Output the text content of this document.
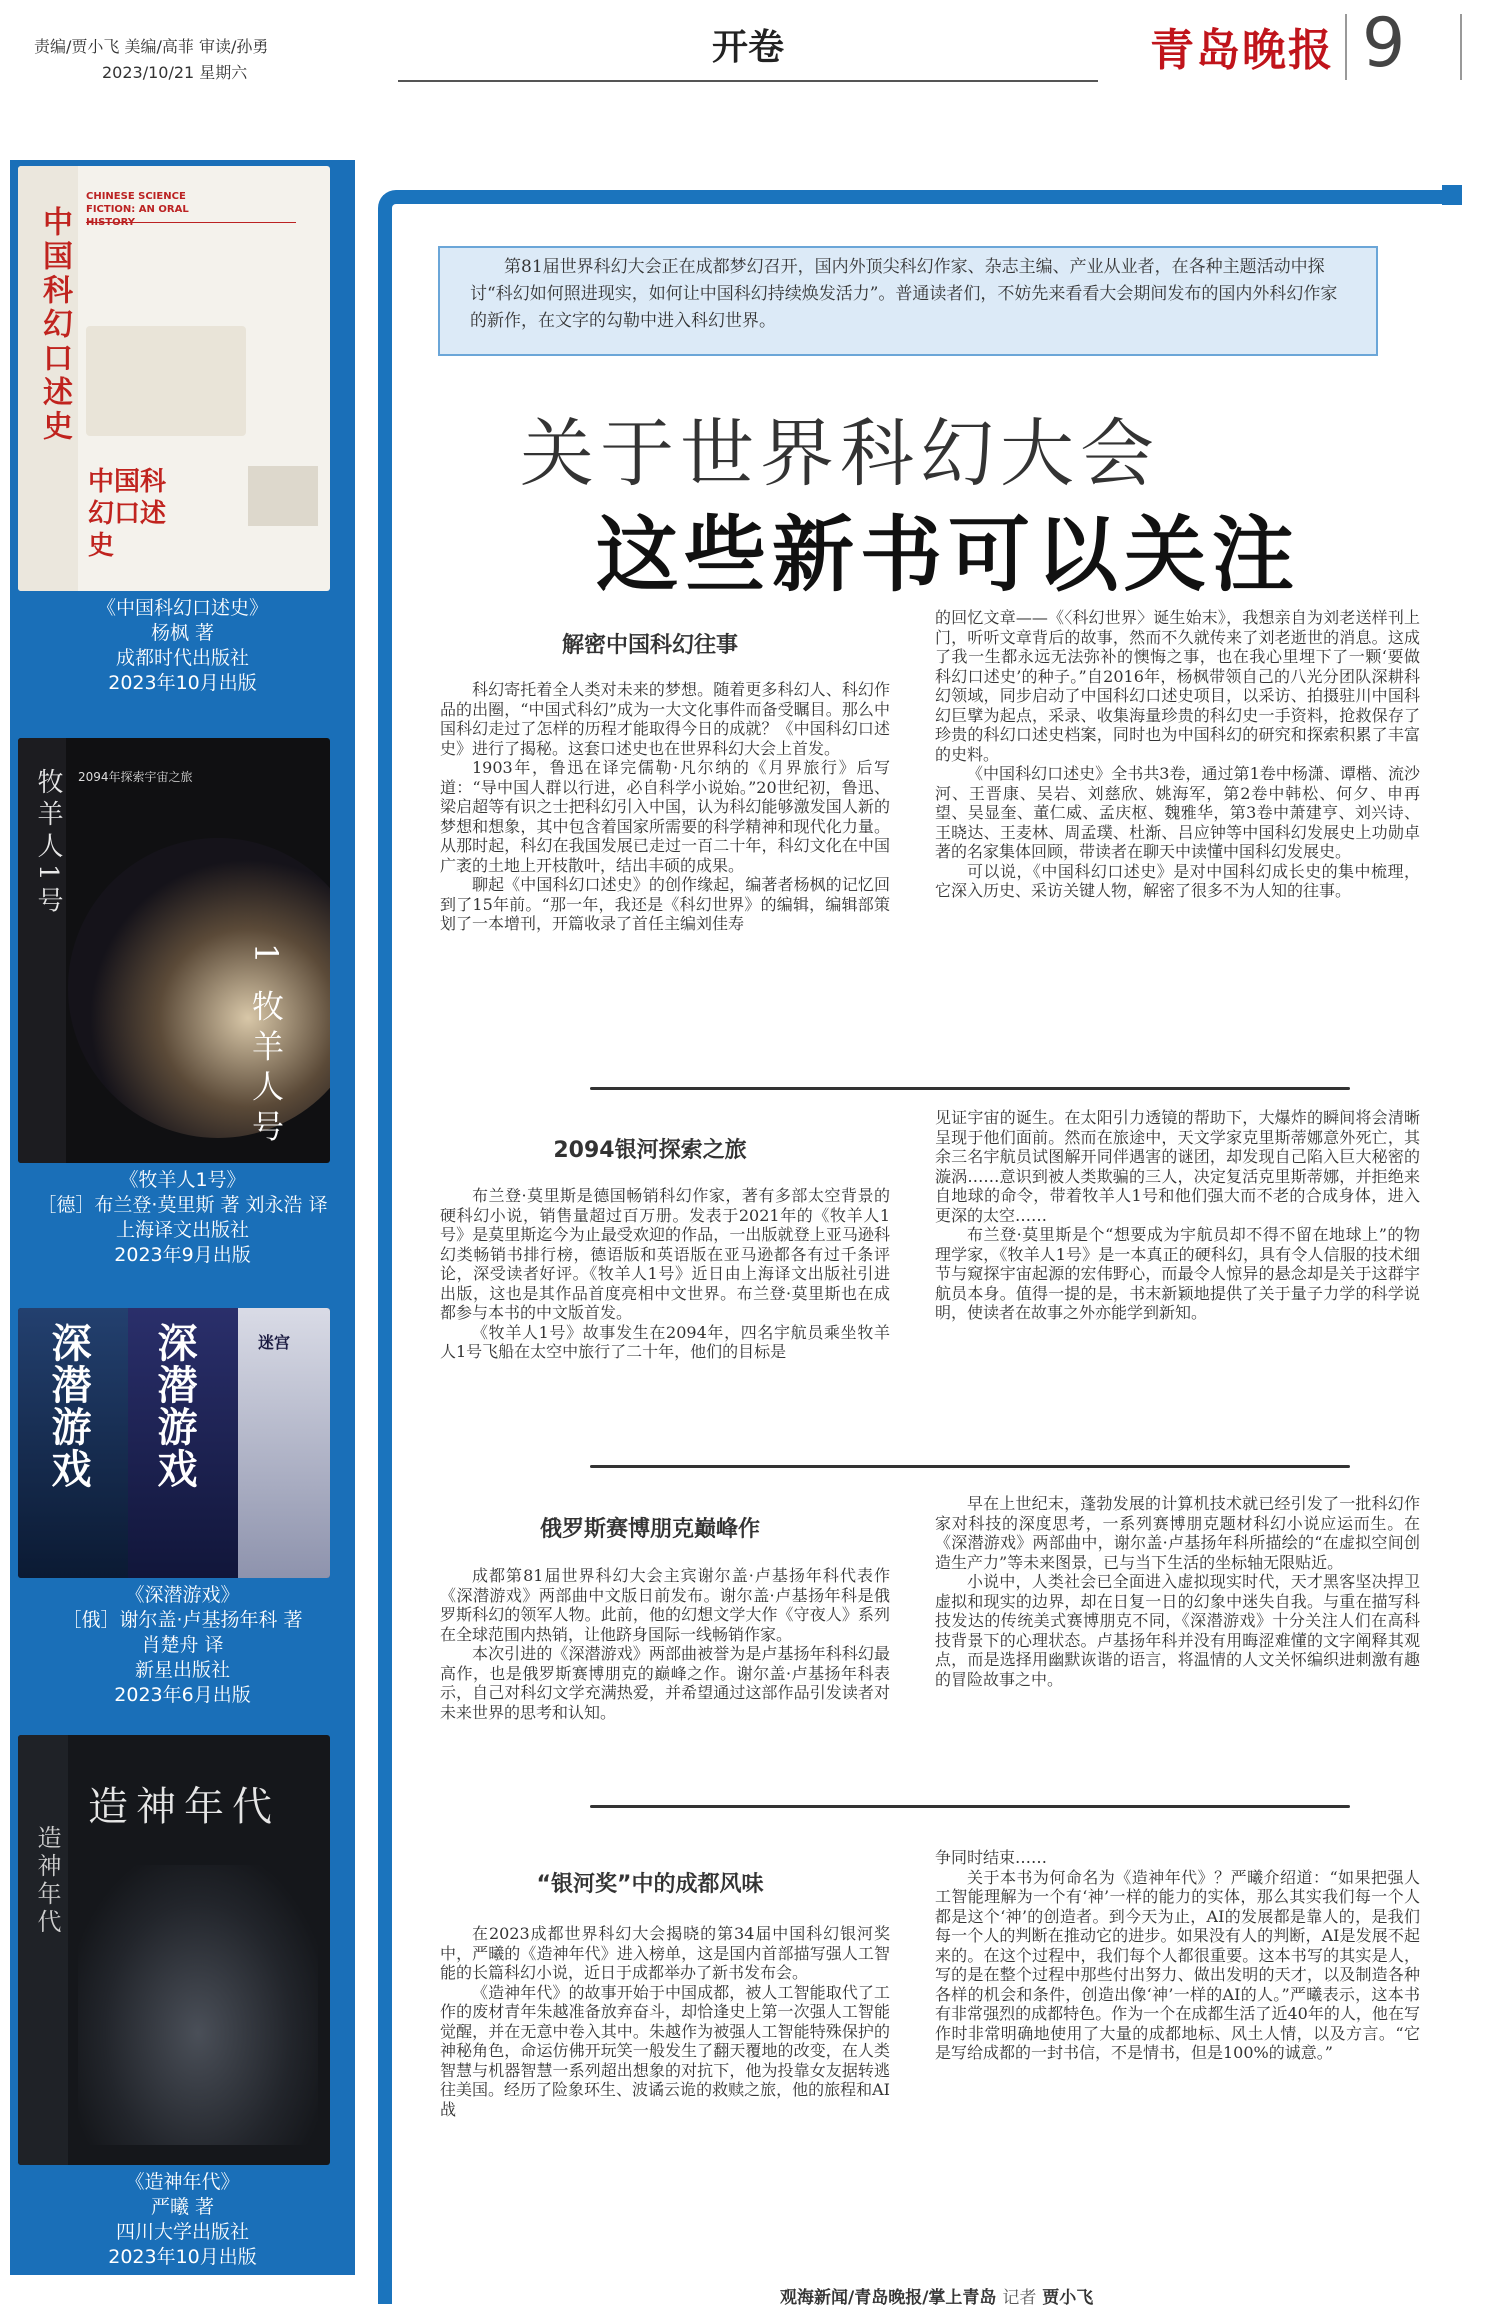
责编/贾小飞 美编/高菲 审读/孙勇
2023/10/21 星期六
开卷	青岛晚报 9
中国科幻口述史
CHINESE SCIENCE FICTION: AN ORAL
中国科幻口述史
《中国科幻口述史》
杨枫 著
成都时代出版社
2023年10月出版
牧羊人1号	2094年探索宇宙之旅
1 牧羊人号
《牧羊人1号》
［德］布兰登·莫里斯 著 刘永浩 译
上海译文出版社
2023年9月出版
深潜游戏 深潜游戏	迷宫
《深潜游戏》
［俄］谢尔盖·卢基扬年科 著
肖楚舟 译
新星出版社
2023年6月出版
造神年代
造神年代
《造神年代》
严曦 著
四川大学出版社
2023年10月出版
第81届世界科幻大会正在成都梦幻召开，国内外顶尖科幻作家、杂志主编、产业从业者，在各种主题活动中探讨“科幻如何照进现实，如何让中国科幻持续焕发活力”。普通读者们，不妨先来看看大会期间发布的国内外科幻作家的新作，在文字的勾勒中进入科幻世界。
关于世界科幻大会
这些新书可以关注
解密中国科幻往事

科幻寄托着全人类对未来的梦想。随着更多科幻人、科幻作品的出圈，“中国式科幻”成为一大文化事件而备受瞩目。那么中国科幻走过了怎样的历程才能取得今日的成就？《中国科幻口述史》进行了揭秘。这套口述史也在世界科幻大会上首发。

1903年，鲁迅在译完儒勒·凡尔纳的《月界旅行》后写道：“导中国人群以行进，必自科学小说始。”20世纪初，鲁迅、梁启超等有识之士把科幻引入中国，认为科幻能够激发国人新的梦想和想象，其中包含着国家所需要的科学精神和现代化力量。从那时起，科幻在我国发展已走过一百二十年，科幻文化在中国广袤的土地上开枝散叶，结出丰硕的成果。

聊起《中国科幻口述史》的创作缘起，编著者杨枫的记忆回到了15年前。“那一年，我还是《科幻世界》的编辑，编辑部策划了一本增刊，开篇收录了首任主编刘佳寿

的回忆文章——《〈科幻世界〉诞生始末》，我想亲自为刘老送样刊上门，听听文章背后的故事，然而不久就传来了刘老逝世的消息。这成了我一生都永远无法弥补的懊悔之事，也在我心里埋下了一颗‘要做科幻口述史’的种子。”自2016年，杨枫带领自己的八光分团队深耕科幻领域，同步启动了中国科幻口述史项目，以采访、拍摄驻川中国科幻巨擘为起点，采录、收集海量珍贵的科幻史一手资料，抢救保存了珍贵的科幻口述史档案，同时也为中国科幻的研究和探索积累了丰富的史料。

《中国科幻口述史》全书共3卷，通过第1卷中杨潇、谭楷、流沙河、王晋康、吴岩、刘慈欣、姚海军，第2卷中韩松、何夕、申再望、吴显奎、董仁威、孟庆枢、魏雅华，第3卷中萧建亨、刘兴诗、王晓达、王麦林、周孟璞、杜渐、吕应钟等中国科幻发展史上功勋卓著的名家集体回顾，带读者在聊天中读懂中国科幻发展史。

可以说，《中国科幻口述史》是对中国科幻成长史的集中梳理，它深入历史、采访关键人物，解密了很多不为人知的往事。

2094银河探索之旅

布兰登·莫里斯是德国畅销科幻作家，著有多部太空背景的硬科幻小说，销售量超过百万册。发表于2021年的《牧羊人1号》是莫里斯迄今为止最受欢迎的作品，一出版就登上亚马逊科幻类畅销书排行榜，德语版和英语版在亚马逊都各有过千条评论，深受读者好评。《牧羊人1号》近日由上海译文出版社引进出版，这也是其作品首度亮相中文世界。布兰登·莫里斯也在成都参与本书的中文版首发。

《牧羊人1号》故事发生在2094年，四名宇航员乘坐牧羊人1号飞船在太空中旅行了二十年，他们的目标是

见证宇宙的诞生。在太阳引力透镜的帮助下，大爆炸的瞬间将会清晰呈现于他们面前。然而在旅途中，天文学家克里斯蒂娜意外死亡，其余三名宇航员试图解开同伴遇害的谜团，却发现自己陷入巨大秘密的漩涡……意识到被人类欺骗的三人，决定复活克里斯蒂娜，并拒绝来自地球的命令，带着牧羊人1号和他们强大而不老的合成身体，进入更深的太空……

布兰登·莫里斯是个“想要成为宇航员却不得不留在地球上”的物理学家，《牧羊人1号》是一本真正的硬科幻，具有令人信服的技术细节与窥探宇宙起源的宏伟野心，而最令人惊异的悬念却是关于这群宇航员本身。值得一提的是，书末新颖地提供了关于量子力学的科学说明，使读者在故事之外亦能学到新知。

俄罗斯赛博朋克巅峰作

成都第81届世界科幻大会主宾谢尔盖·卢基扬年科代表作《深潜游戏》两部曲中文版日前发布。谢尔盖·卢基扬年科是俄罗斯科幻的领军人物。此前，他的幻想文学大作《守夜人》系列在全球范围内热销，让他跻身国际一线畅销作家。

本次引进的《深潜游戏》两部曲被誉为是卢基扬年科科幻最高作，也是俄罗斯赛博朋克的巅峰之作。谢尔盖·卢基扬年科表示，自己对科幻文学充满热爱，并希望通过这部作品引发读者对未来世界的思考和认知。

早在上世纪末，蓬勃发展的计算机技术就已经引发了一批科幻作家对科技的深度思考，一系列赛博朋克题材科幻小说应运而生。在《深潜游戏》两部曲中，谢尔盖·卢基扬年科所描绘的“在虚拟空间创造生产力”等未来图景，已与当下生活的坐标轴无限贴近。

小说中，人类社会已全面进入虚拟现实时代，天才黑客坚决捍卫虚拟和现实的边界，却在日复一日的幻象中迷失自我。与重在描写科技发达的传统美式赛博朋克不同，《深潜游戏》十分关注人们在高科技背景下的心理状态。卢基扬年科并没有用晦涩难懂的文字阐释其观点，而是选择用幽默诙谐的语言，将温情的人文关怀编织进刺激有趣的冒险故事之中。

“银河奖”中的成都风味

在2023成都世界科幻大会揭晓的第34届中国科幻银河奖中，严曦的《造神年代》进入榜单，这是国内首部描写强人工智能的长篇科幻小说，近日于成都举办了新书发布会。

《造神年代》的故事开始于中国成都，被人工智能取代了工作的废材青年朱越准备放弃奋斗，却恰逢史上第一次强人工智能觉醒，并在无意中卷入其中。朱越作为被强人工智能特殊保护的神秘角色，命运仿佛开玩笑一般发生了翻天覆地的改变，在人类智慧与机器智慧一系列超出想象的对抗下，他为投靠女友据转逃往美国。经历了险象环生、波谲云诡的救赎之旅，他的旅程和AI战

争同时结束……

关于本书为何命名为《造神年代》？严曦介绍道：“如果把强人工智能理解为一个有‘神’一样的能力的实体，那么其实我们每一个人都是这个‘神’的创造者。到今天为止，AI的发展都是靠人的，是我们每一个人的判断在推动它的进步。如果没有人的判断，AI是发展不起来的。在这个过程中，我们每个人都很重要。这本书写的其实是人，写的是在整个过程中那些付出努力、做出发明的天才，以及制造各种各样的机会和条件，创造出像‘神’一样的AI的人。”严曦表示，这本书有非常强烈的成都特色。作为一个在成都生活了近40年的人，他在写作时非常明确地使用了大量的成都地标、风土人情，以及方言。“它是写给成都的一封书信，不是情书，但是100%的诚意。”

观海新闻/青岛晚报/掌上青岛 记者 贾小飞
